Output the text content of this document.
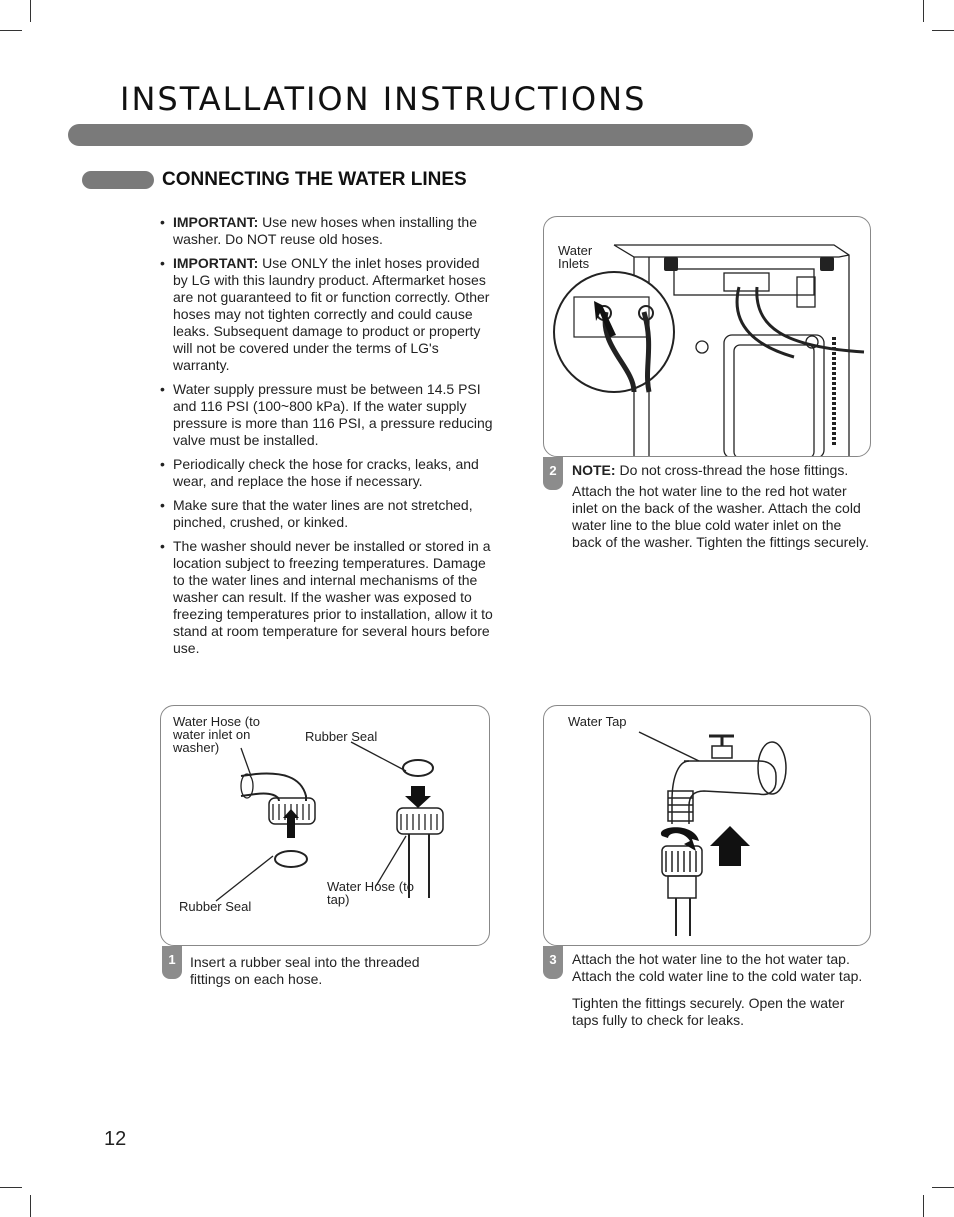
INSTALLATION INSTRUCTIONS
CONNECTING THE WATER LINES
• IMPORTANT: Use new hoses when installing the washer. Do NOT reuse old hoses.
• IMPORTANT: Use ONLY the inlet hoses provided by LG with this laundry product. Aftermarket hoses are not guaranteed to fit or function correctly. Other hoses may not tighten correctly and could cause leaks. Subsequent damage to product or property will not be covered under the terms of LG's warranty.
• Water supply pressure must be between 14.5 PSI and 116 PSI (100~800 kPa). If the water supply pressure is more than 116 PSI, a pressure reducing valve must be installed.
• Periodically check the hose for cracks, leaks, and wear, and replace the hose if necessary.
• Make sure that the water lines are not stretched, pinched, crushed, or kinked.
• The washer should never be installed or stored in a location subject to freezing temperatures. Damage to the water lines and internal mechanisms of the washer can result. If the washer was exposed to freezing temperatures prior to installation, allow it to stand at room temperature for several hours before use.
Water Inlets
2	NOTE: Do not cross-thread the hose fittings.

Attach the hot water line to the red hot water inlet on the back of the washer. Attach the cold water line to the blue cold water inlet on the back of the washer. Tighten the fittings securely.

Water Hose (to water inlet on washer)
Rubber Seal
Rubber Seal
Water Hose (to tap)
1	Insert a rubber seal into the threaded fittings on each hose.
Water Tap
3	Attach the hot water line to the hot water tap. Attach the cold water line to the cold water tap.

Tighten the fittings securely. Open the water taps fully to check for leaks.

12
